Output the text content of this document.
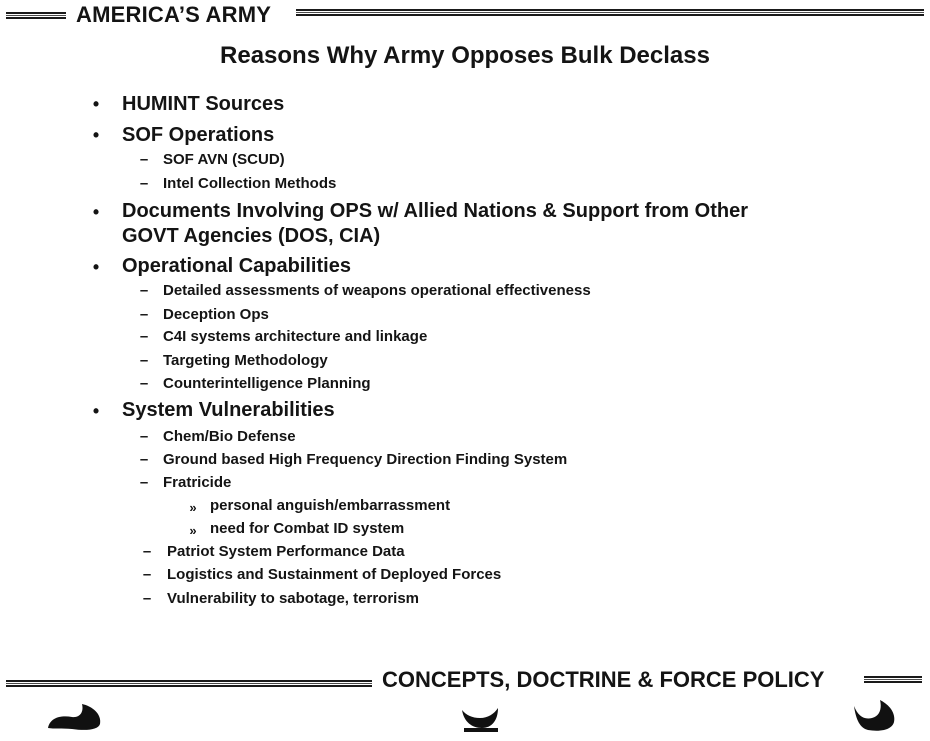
AMERICA’S ARMY
Reasons Why Army Opposes Bulk Declass
• HUMINT Sources
• SOF Operations
– SOF AVN (SCUD)
– Intel Collection Methods
• Documents Involving OPS w/ Allied Nations & Support from Other
GOVT Agencies (DOS, CIA)
• Operational Capabilities
– Detailed assessments of weapons operational effectiveness
– Deception Ops
– C4I systems architecture and linkage
– Targeting Methodology
– Counterintelligence Planning
• System Vulnerabilities
– Chem/Bio Defense
– Ground based High Frequency Direction Finding System
– Fratricide
» personal anguish/embarrassment
» need for Combat ID system
– Patriot System Performance Data
– Logistics and Sustainment of Deployed Forces
– Vulnerability to sabotage, terrorism
CONCEPTS, DOCTRINE & FORCE POLICY
